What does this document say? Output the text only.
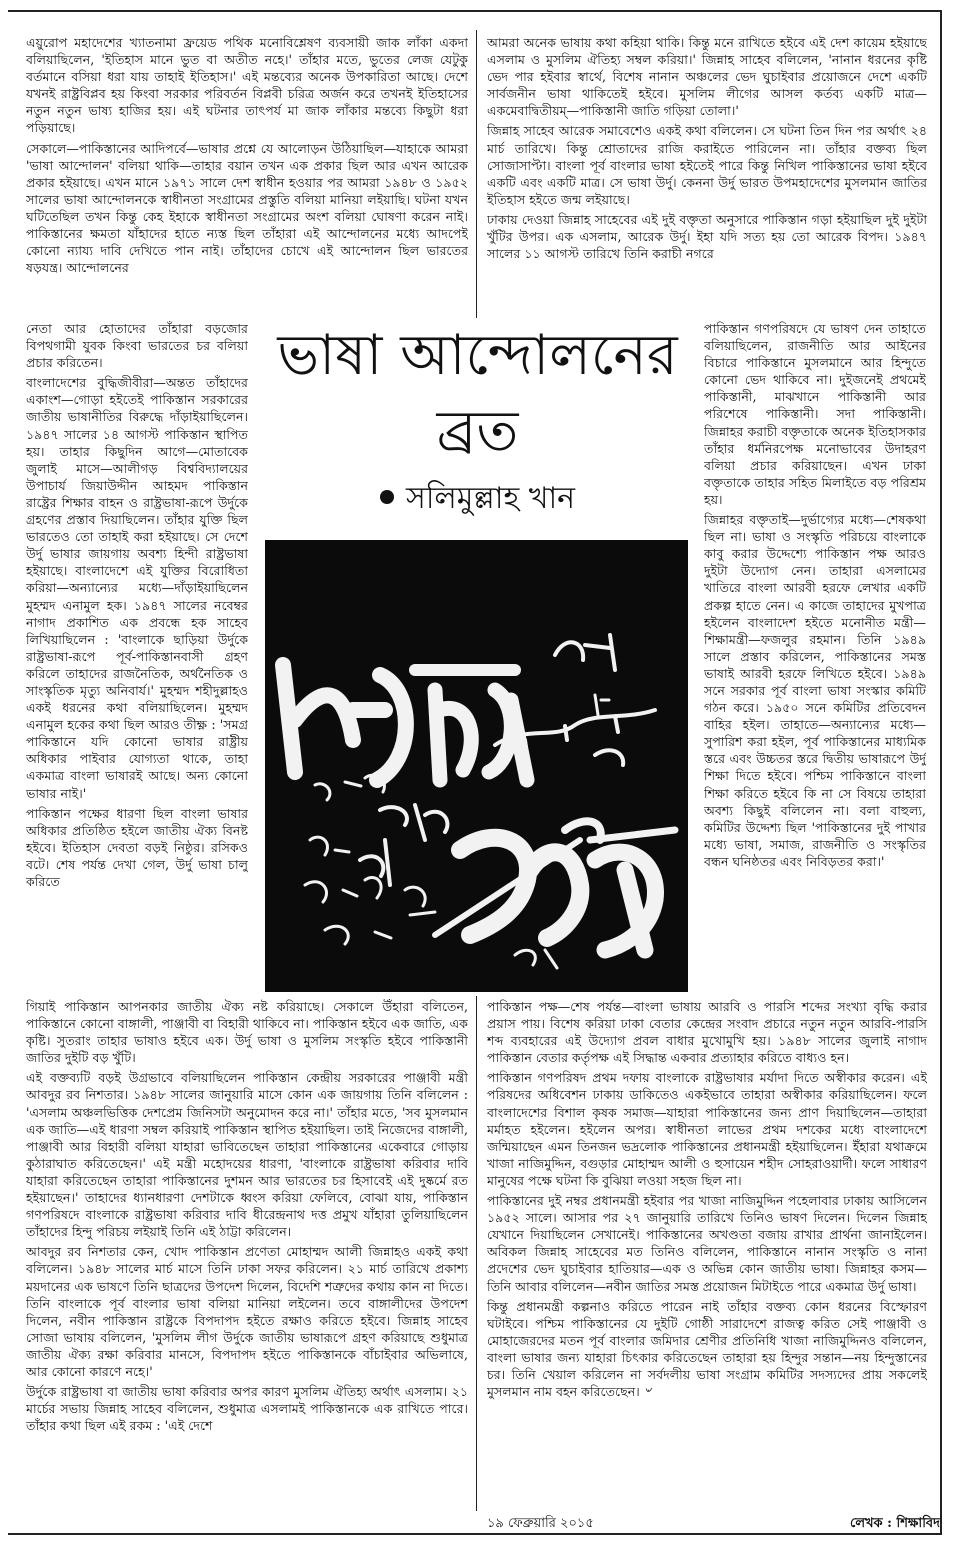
এয়ুরোপ মহাদেশের খ্যাতনামা ফ্রয়েড পথিক মনোবিশ্লেষণ ব্যবসায়ী জাক লাঁকা একদা বলিয়াছিলেন, 'ইতিহাস মানে ভুত বা অতীত নহে।' তাঁহার মতে, ভুতের লেজ যেটুকু বর্তমানে বসিয়া ধরা যায় তাহাই ইতিহাস।' এই মন্তব্যের অনেক উপকারিতা আছে। দেশে যখনই রাষ্ট্রবিপ্লব হয় কিংবা সরকার পরিবর্তন বিপ্লবী চরিত্র অর্জন করে তখনই ইতিহাসের নতুন নতুন ভাষ্য হাজির হয়। এই ঘটনার তাৎপর্য মা জাক লাঁকার মন্তব্যে কিছুটা ধরা পড়িয়াছে।

সেকালে—পাকিস্তানের আদিপর্বে—ভাষার প্রশ্নে যে আলোড়ন উঠিয়াছিল—যাহাকে আমরা 'ভাষা আন্দোলন' বলিয়া থাকি—তাহার বয়ান তখন এক প্রকার ছিল আর এখন আরেক প্রকার হইয়াছে। এখন মানে ১৯৭১ সালে দেশ স্বাধীন হওয়ার পর আমরা ১৯৪৮ ও ১৯৫২ সালের ভাষা আন্দোলনকে স্বাধীনতা সংগ্রামের প্রস্তুতি বলিয়া মানিয়া লইয়াছি। ঘটনা যখন ঘটিতেছিল তখন কিন্তু কেহ ইহাকে স্বাধীনতা সংগ্রামের অংশ বলিয়া ঘোষণা করেন নাই। পাকিস্তানের ক্ষমতা যাঁহাদের হাতে ন্যস্ত ছিল তাঁহারা এই আন্দোলনের মধ্যে আদপেই কোনো ন্যায্য দাবি দেখিতে পান নাই। তাঁহাদের চোখে এই আন্দোলন ছিল ভারতের ষড়যন্ত্র। আন্দোলনের

আমরা অনেক ভাষায় কথা কহিয়া থাকি। কিন্তু মনে রাখিতে হইবে এই দেশ কায়েম হইয়াছে এসলাম ও মুসলিম ঐতিহ্য সম্বল করিয়া।' জিন্নাহ সাহেব বলিলেন, 'নানান ধরনের কৃষ্টি ভেদ পার হইবার স্বার্থে, বিশেষ নানান অঞ্চলের ভেদ ঘুচাইবার প্রয়োজনে দেশে একটি সার্বজনীন ভাষা থাকিতেই হইবে। মুসলিম লীগের আসল কর্তব্য একটি মাত্র—একমেবাদ্বিতীয়ম্—পাকিস্তানী জাতি গড়িয়া তোলা।'

জিন্নাহ সাহেব আরেক সমাবেশেও একই কথা বলিলেন। সে ঘটনা তিন দিন পর অর্থাৎ ২৪ মার্চ তারিখে। কিন্তু শ্রোতাদের রাজি করাইতে পারিলেন না। তাঁহার বক্তব্য ছিল সোজাসাপ্টা। বাংলা পূর্ব বাংলার ভাষা হইতেই পারে কিন্তু নিখিল পাকিস্তানের ভাষা হইবে একটি এবং একটি মাত্র। সে ভাষা উর্দু। কেননা উর্দু ভারত উপমহাদেশের মুসলমান জাতির ইতিহাস হইতে জন্ম লইয়াছে।

ঢাকায় দেওয়া জিন্নাহ সাহেবের এই দুই বক্তৃতা অনুসারে পাকিস্তান গড়া হইয়াছিল দুই দুইটা খুঁটির উপর। এক এসলাম, আরেক উর্দু। ইহা যদি সত্য হয় তো আরেক বিপদ। ১৯৪৭ সালের ১১ আগস্ট তারিখে তিনি করাচী নগরে

নেতা আর হোতাদের তাঁহারা বড়জোর বিপথগামী যুবক কিংবা ভারতের চর বলিয়া প্রচার করিতেন।

বাংলাদেশের বুদ্ধিজীবীরা—অন্তত তাঁহাদের একাংশ—গোড়া হইতেই পাকিস্তান সরকারের জাতীয় ভাষানীতির বিরুদ্ধে দাঁড়াইয়াছিলেন। ১৯৪৭ সালের ১৪ আগস্ট পাকিস্তান স্থাপিত হয়। তাহার কিছুদিন আগে—মোতাবেক জুলাই মাসে—আলীগড় বিশ্ববিদ্যালয়ের উপাচার্য জিয়াউদ্দীন আহমদ পাকিস্তান রাষ্ট্রের শিক্ষার বাহন ও রাষ্ট্রভাষা-রূপে উর্দুকে গ্রহণের প্রস্তাব দিয়াছিলেন। তাঁহার যুক্তি ছিল ভারতেও তো তাহাই করা হইয়াছে। সে দেশে উর্দু ভাষার জায়গায় অবশ্য হিন্দী রাষ্ট্রভাষা হইয়াছে। বাংলাদেশে এই যুক্তির বিরোধিতা করিয়া—অন্যান্যের মধ্যে—দাঁড়াইয়াছিলেন মুহম্মদ এনামুল হক। ১৯৪৭ সালের নবেম্বর নাগাদ প্রকাশিত এক প্রবন্ধে হক সাহেব লিখিয়াছিলেন : 'বাংলাকে ছাড়িয়া উর্দুকে রাষ্ট্রভাষা-রূপে পূর্ব-পাকিস্তানবাসী গ্রহণ করিলে তাহাদের রাজনৈতিক, অর্থনৈতিক ও সাংস্কৃতিক মৃত্যু অনিবার্য।' মুহম্মদ শহীদুল্লাহও একই ধরনের কথা বলিয়াছিলেন। মুহম্মদ এনামুল হকের কথা ছিল আরও তীক্ষ্ণ : 'সমগ্র পাকিস্তানে যদি কোনো ভাষার রাষ্ট্রীয় অধিকার পাইবার যোগ্যতা থাকে, তাহা একমাত্র বাংলা ভাষারই আছে। অন্য কোনো ভাষার নাই।'

পাকিস্তান পক্ষের ধারণা ছিল বাংলা ভাষার অধিকার প্রতিষ্ঠিত হইলে জাতীয় ঐক্য বিনষ্ট হইবে। ইতিহাস দেবতা বড়ই নিষ্ঠুর। রসিকও বটে। শেষ পর্যন্ত দেখা গেল, উর্দু ভাষা চালু করিতে

পাকিস্তান গণপরিষদে যে ভাষণ দেন তাহাতে বলিয়াছিলেন, রাজনীতি আর আইনের বিচারে পাকিস্তানে মুসলমানে আর হিন্দুতে কোনো ভেদ থাকিবে না। দুইজনেই প্রথমেই পাকিস্তানী, মাঝখানে পাকিস্তানী আর পরিশেষে পাকিস্তানী। সদা পাকিস্তানী। জিন্নাহর করাচী বক্তৃতাকে অনেক ইতিহাসকার তাঁহার ধর্মনিরপেক্ষ মনোভাবের উদাহরণ বলিয়া প্রচার করিয়াছেন। এখন ঢাকা বক্তৃতাকে তাহার সহিত মিলাইতে বড় পরিশ্রম হয়।

জিন্নাহর বক্তৃতাই—দুর্ভাগ্যের মধ্যে—শেষকথা ছিল না। ভাষা ও সংস্কৃতি পরিচয়ে বাংলাকে কাবু করার উদ্দেশ্যে পাকিস্তান পক্ষ আরও দুইটা উদ্যোগ নেন। তাহারা এসলামের খাতিরে বাংলা আরবী হরফে লেখার একটি প্রকল্প হাতে নেন। এ কাজে তাহাদের মুখপাত্র হইলেন বাংলাদেশ হইতে মনোনীত মন্ত্রী—শিক্ষামন্ত্রী—ফজলুর রহমান। তিনি ১৯৪৯ সালে প্রস্তাব করিলেন, পাকিস্তানের সমস্ত ভাষাই আরবী হরফে লিখিতে হইবে। ১৯৪৯ সনে সরকার পূর্ব বাংলা ভাষা সংস্কার কমিটি গঠন করে। ১৯৫০ সনে কমিটির প্রতিবেদন বাহির হইল। তাহাতে—অন্যান্যের মধ্যে—সুপারিশ করা হইল, পূর্ব পাকিস্তানের মাধ্যমিক স্তরে এবং উচ্চতর স্তরে দ্বিতীয় ভাষারূপে উর্দু শিক্ষা দিতে হইবে। পশ্চিম পাকিস্তানে বাংলা শিক্ষা করিতে হইবে কি না সে বিষয়ে তাহারা অবশ্য কিছুই বলিলেন না। বলা বাহুল্য, কমিটির উদ্দেশ্য ছিল 'পাকিস্তানের দুই পাখার মধ্যে ভাষা, সমাজ, রাজনীতি ও সংস্কৃতির বন্ধন ঘনিষ্ঠতর এবং নিবিড়তর করা।'

ভাষা আন্দোলনের
ব্রত
সলিমুল্লাহ খান

গিয়াই পাকিস্তান আপনকার জাতীয় ঐক্য নষ্ট করিয়াছে। সেকালে উঁহারা বলিতেন, পাকিস্তানে কোনো বাঙ্গালী, পাঞ্জাবী বা বিহারী থাকিবে না। পাকিস্তান হইবে এক জাতি, এক কৃষ্টি। সুতরাং তাহার ভাষাও হইবে এক। উর্দু ভাষা ও মুসলিম সংস্কৃতি হইবে পাকিস্তানী জাতির দুইটি বড় খুঁটি।

এই বক্তব্যটি বড়ই উগ্রভাবে বলিয়াছিলেন পাকিস্তান কেন্দ্রীয় সরকারের পাঞ্জাবী মন্ত্রী আবদুর রব নিশতার। ১৯৪৮ সালের জানুয়ারি মাসে কোন এক জায়গায় তিনি বলিলেন : 'এসলাম অঞ্চলভিত্তিক দেশপ্রেম জিনিসটা অনুমোদন করে না।' তাঁহার মতে, 'সব মুসলমান এক জাতি—এই ধারণা সম্বল করিয়াই পাকিস্তান স্থাপিত হইয়াছিল। তাই নিজেদের বাঙ্গালী, পাঞ্জাবী আর বিহারী বলিয়া যাহারা ভাবিতেছেন তাহারা পাকিস্তানের একেবারে গোড়ায় কুঠারাঘাত করিতেছেন।' এই মন্ত্রী মহোদয়ের ধারণা, 'বাংলাকে রাষ্ট্রভাষা করিবার দাবি যাহারা করিতেছেন তাহারা পাকিস্তানের দুশমন আর ভারতের চর হিসাবেই এই দুষ্কর্মে রত হইয়াছেন।' তাহাদের ধ্যানধারণা দেশটাকে ধ্বংস করিয়া ফেলিবে, বোঝা যায়, পাকিস্তান গণপরিষদে বাংলাকে রাষ্ট্রভাষা করিবার দাবি ধীরেন্দ্রনাথ দত্ত প্রমুখ যাঁহারা তুলিয়াছিলেন তাঁহাদের হিন্দু পরিচয় লইয়াই তিনি এই ঠাট্টা করিলেন।

আবদুর রব নিশতার কেন, খোদ পাকিস্তান প্রণেতা মোহাম্মদ আলী জিন্নাহও একই কথা বলিলেন। ১৯৪৮ সালের মার্চ মাসে তিনি ঢাকা সফর করিলেন। ২১ মার্চ তারিখে প্রকাশ্য ময়দানের এক ভাষণে তিনি ছাত্রদের উপদেশ দিলেন, বিদেশি শত্রুদের কথায় কান না দিতে। তিনি বাংলাকে পূর্ব বাংলার ভাষা বলিয়া মানিয়া লইলেন। তবে বাঙ্গালীদের উপদেশ দিলেন, নবীন পাকিস্তান রাষ্ট্রকে বিপদাপদ হইতে রক্ষাও করিতে হইবে। জিন্নাহ সাহেব সোজা ভাষায় বলিলেন, 'মুসলিম লীগ উর্দুকে জাতীয় ভাষারূপে গ্রহণ করিয়াছে শুধুমাত্র জাতীয় ঐক্য রক্ষা করিবার মানসে, বিপদাপদ হইতে পাকিস্তানকে বাঁচাইবার অভিলাষে, আর কোনো কারণে নহে।'

উর্দুকে রাষ্ট্রভাষা বা জাতীয় ভাষা করিবার অপর কারণ মুসলিম ঐতিহ্য অর্থাৎ এসলাম। ২১ মার্চের সভায় জিন্নাহ সাহেব বলিলেন, শুধুমাত্র এসলামই পাকিস্তানকে এক রাখিতে পারে। তাঁহার কথা ছিল এই রকম : 'এই দেশে

পাকিস্তান পক্ষ—শেষ পর্যন্ত—বাংলা ভাষায় আরবি ও পারসি শব্দের সংখ্যা বৃদ্ধি করার প্রয়াস পায়। বিশেষ করিয়া ঢাকা বেতার কেন্দ্রের সংবাদ প্রচারে নতুন নতুন আরবি-পারসি শব্দ ব্যবহারের এই উদ্যোগ প্রবল বাধার মুখোমুখি হয়। ১৯৪৮ সালের জুলাই নাগাদ পাকিস্তান বেতার কর্তৃপক্ষ এই সিদ্ধান্ত একবার প্রত্যাহার করিতে বাধ্যও হন।

পাকিস্তান গণপরিষদ প্রথম দফায় বাংলাকে রাষ্ট্রভাষার মর্যাদা দিতে অস্বীকার করেন। এই পরিষদের অধিবেশন ঢাকায় ডাকিতেও একইভাবে তাহারা অস্বীকার করিয়াছিলেন। ফলে বাংলাদেশের বিশাল কৃষক সমাজ—যাহারা পাকিস্তানের জন্য প্রাণ দিয়াছিলেন—তাহারা মর্মাহত হইলেন। হইলেন অপর। স্বাধীনতা লাভের প্রথম দশকের মধ্যে বাংলাদেশে জন্মিয়াছেন এমন তিনজন ভদ্রলোক পাকিস্তানের প্রধানমন্ত্রী হইয়াছিলেন। ইঁহারা যথাক্রমে খাজা নাজিমুদ্দিন, বগুড়ার মোহাম্মদ আলী ও হুসায়েন শহীদ সোহরাওয়ার্দী। ফলে সাধারণ মানুষের পক্ষে ঘটনা কি বুঝিয়া লওয়া সহজ ছিল না।

পাকিস্তানের দুই নম্বর প্রধানমন্ত্রী হইবার পর খাজা নাজিমুদ্দিন পহেলাবার ঢাকায় আসিলেন ১৯৫২ সালে। আসার পর ২৭ জানুয়ারি তারিখে তিনিও ভাষণ দিলেন। দিলেন জিন্নাহ যেখানে দিয়াছিলেন সেখানেই। পাকিস্তানের অখণ্ডতা বজায় রাখার প্রার্থনা জানাইলেন। অবিকল জিন্নাহ সাহেবের মত তিনিও বলিলেন, পাকিস্তানে নানান সংস্কৃতি ও নানা প্রদেশের ভেদ ঘুচাইবার হাতিয়ার—এক ও অভিন্ন কোন জাতীয় ভাষা। জিন্নাহর কসম—তিনি আবার বলিলেন—নবীন জাতির সমস্ত প্রয়োজন মিটাইতে পারে একমাত্র উর্দু ভাষা।

কিন্তু প্রধানমন্ত্রী কল্পনাও করিতে পারেন নাই তাঁহার বক্তব্য কোন ধরনের বিস্ফোরণ ঘটাইবে। পশ্চিম পাকিস্তানের যে দুইটি গোষ্ঠী সারাদেশে রাজত্ব করিত সেই পাঞ্জাবী ও মোহাজেরদের মতন পূর্ব বাংলার জমিদার শ্রেণীর প্রতিনিধি খাজা নাজিমুদ্দিনও বলিলেন, বাংলা ভাষার জন্য যাহারা চিৎকার করিতেছেন তাহারা হয় হিন্দুর সন্তান—নয় হিন্দুস্তানের চর। তিনি খেয়াল করিলেন না সর্বদলীয় ভাষা সংগ্রাম কমিটির সদস্যদের প্রায় সকলেই মুসলমান নাম বহন করিতেছেন। ৺

১৯ ফেব্রুয়ারি ২০১৫	লেখক : শিক্ষাবিদ
